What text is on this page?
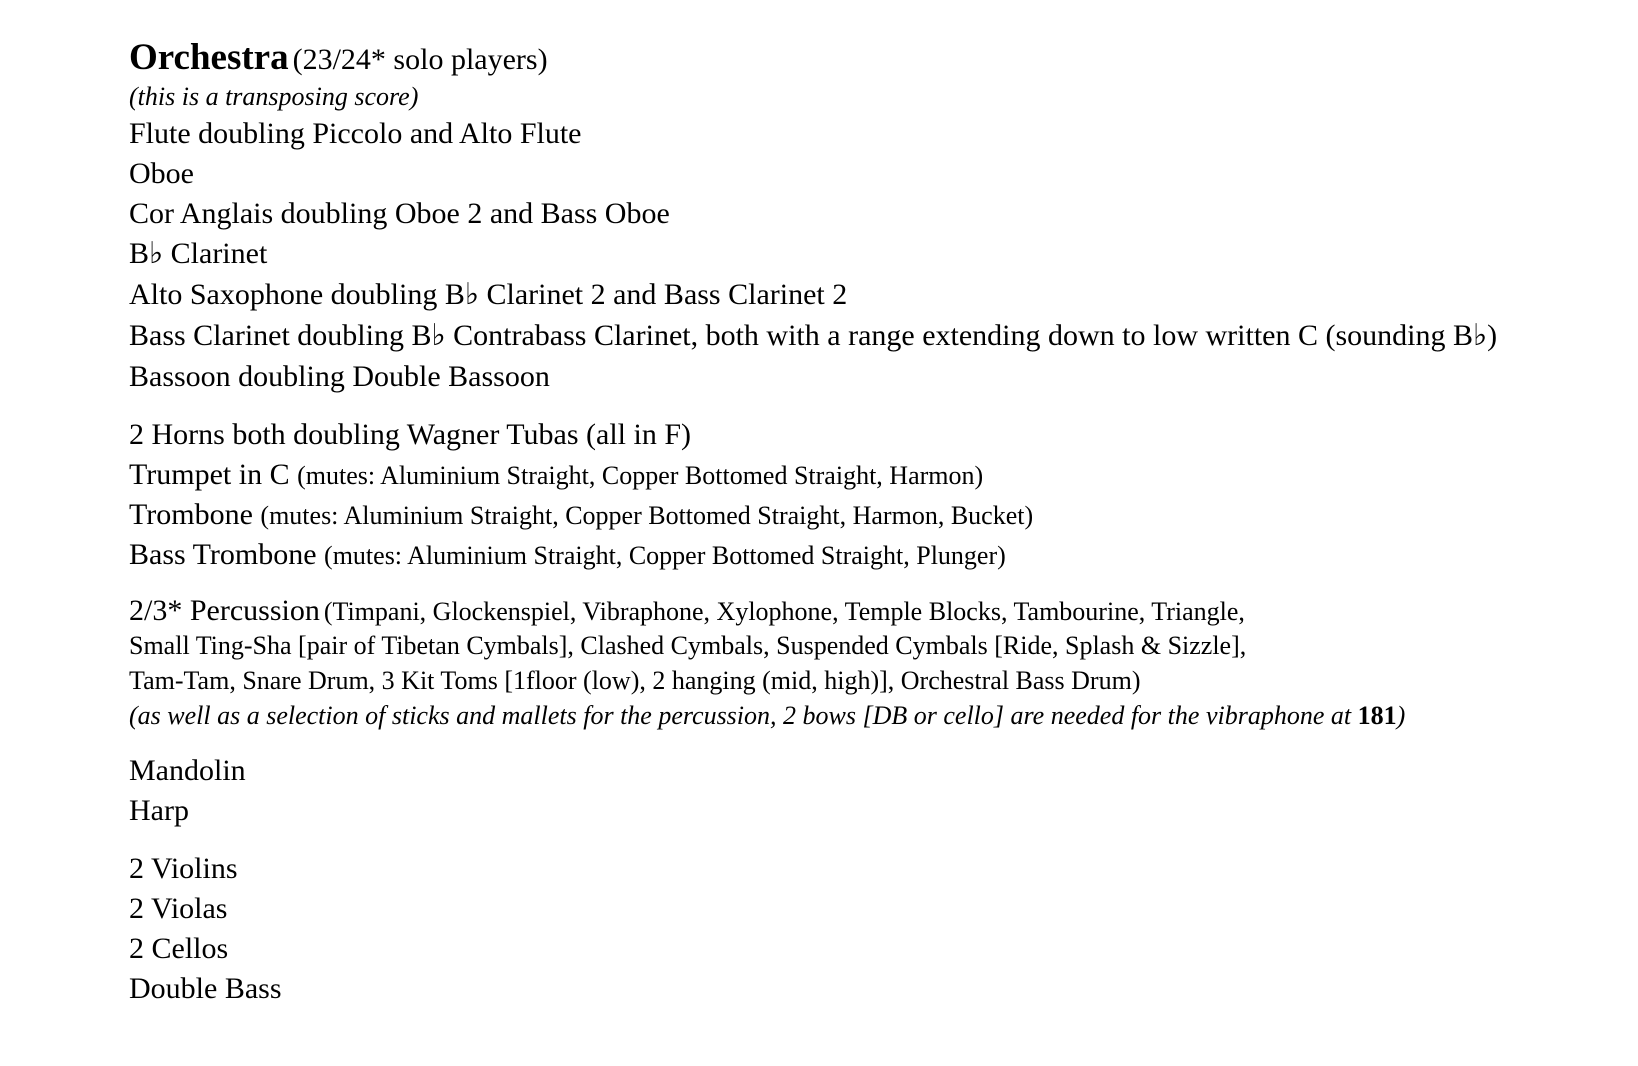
Orchestra (23/24* solo players)
(this is a transposing score)
Flute doubling Piccolo and Alto Flute
Oboe
Cor Anglais doubling Oboe 2 and Bass Oboe
B♭ Clarinet
Alto Saxophone doubling B♭ Clarinet 2 and Bass Clarinet 2
Bass Clarinet doubling B♭ Contrabass Clarinet, both with a range extending down to low written C (sounding B♭)
Bassoon doubling Double Bassoon
2 Horns both doubling Wagner Tubas (all in F)
Trumpet in C (mutes: Aluminium Straight, Copper Bottomed Straight, Harmon)
Trombone (mutes: Aluminium Straight, Copper Bottomed Straight, Harmon, Bucket)
Bass Trombone (mutes: Aluminium Straight, Copper Bottomed Straight, Plunger)
2/3* Percussion (Timpani, Glockenspiel, Vibraphone, Xylophone, Temple Blocks, Tambourine, Triangle,
Small Ting-Sha [pair of Tibetan Cymbals], Clashed Cymbals, Suspended Cymbals [Ride, Splash & Sizzle],
Tam-Tam, Snare Drum, 3 Kit Toms [1floor (low), 2 hanging (mid, high)], Orchestral Bass Drum)
(as well as a selection of sticks and mallets for the percussion, 2 bows [DB or cello] are needed for the vibraphone at 181)
Mandolin
Harp
2 Violins
2 Violas
2 Cellos
Double Bass
